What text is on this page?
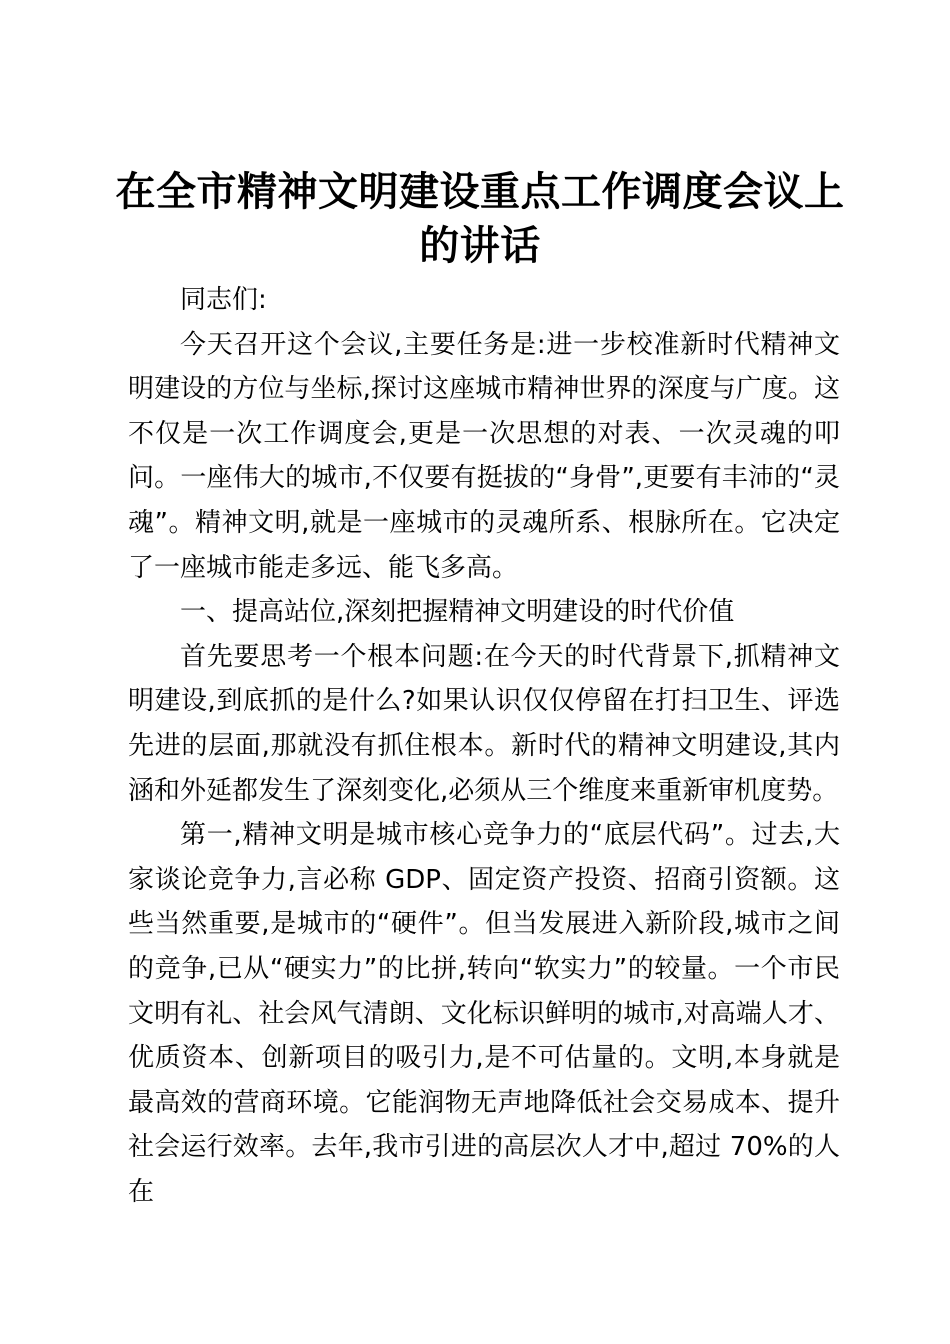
在全市精神文明建设重点工作调度会议上的讲话

同志们:

今天召开这个会议,主要任务是:进一步校准新时代精神文明建设的方位与坐标,探讨这座城市精神世界的深度与广度。这不仅是一次工作调度会,更是一次思想的对表、一次灵魂的叩问。一座伟大的城市,不仅要有挺拔的“身骨”,更要有丰沛的“灵魂”。精神文明,就是一座城市的灵魂所系、根脉所在。它决定了一座城市能走多远、能飞多高。

一、提高站位,深刻把握精神文明建设的时代价值

首先要思考一个根本问题:在今天的时代背景下,抓精神文明建设,到底抓的是什么?如果认识仅仅停留在打扫卫生、评选先进的层面,那就没有抓住根本。新时代的精神文明建设,其内涵和外延都发生了深刻变化,必须从三个维度来重新审机度势。

第一,精神文明是城市核心竞争力的“底层代码”。过去,大家谈论竞争力,言必称 GDP、固定资产投资、招商引资额。这些当然重要,是城市的“硬件”。但当发展进入新阶段,城市之间的竞争,已从“硬实力”的比拼,转向“软实力”的较量。一个市民文明有礼、社会风气清朗、文化标识鲜明的城市,对高端人才、优质资本、创新项目的吸引力,是不可估量的。文明,本身就是最高效的营商环境。它能润物无声地降低社会交易成本、提升社会运行效率。去年,我市引进的高层次人才中,超过 70%的人在
